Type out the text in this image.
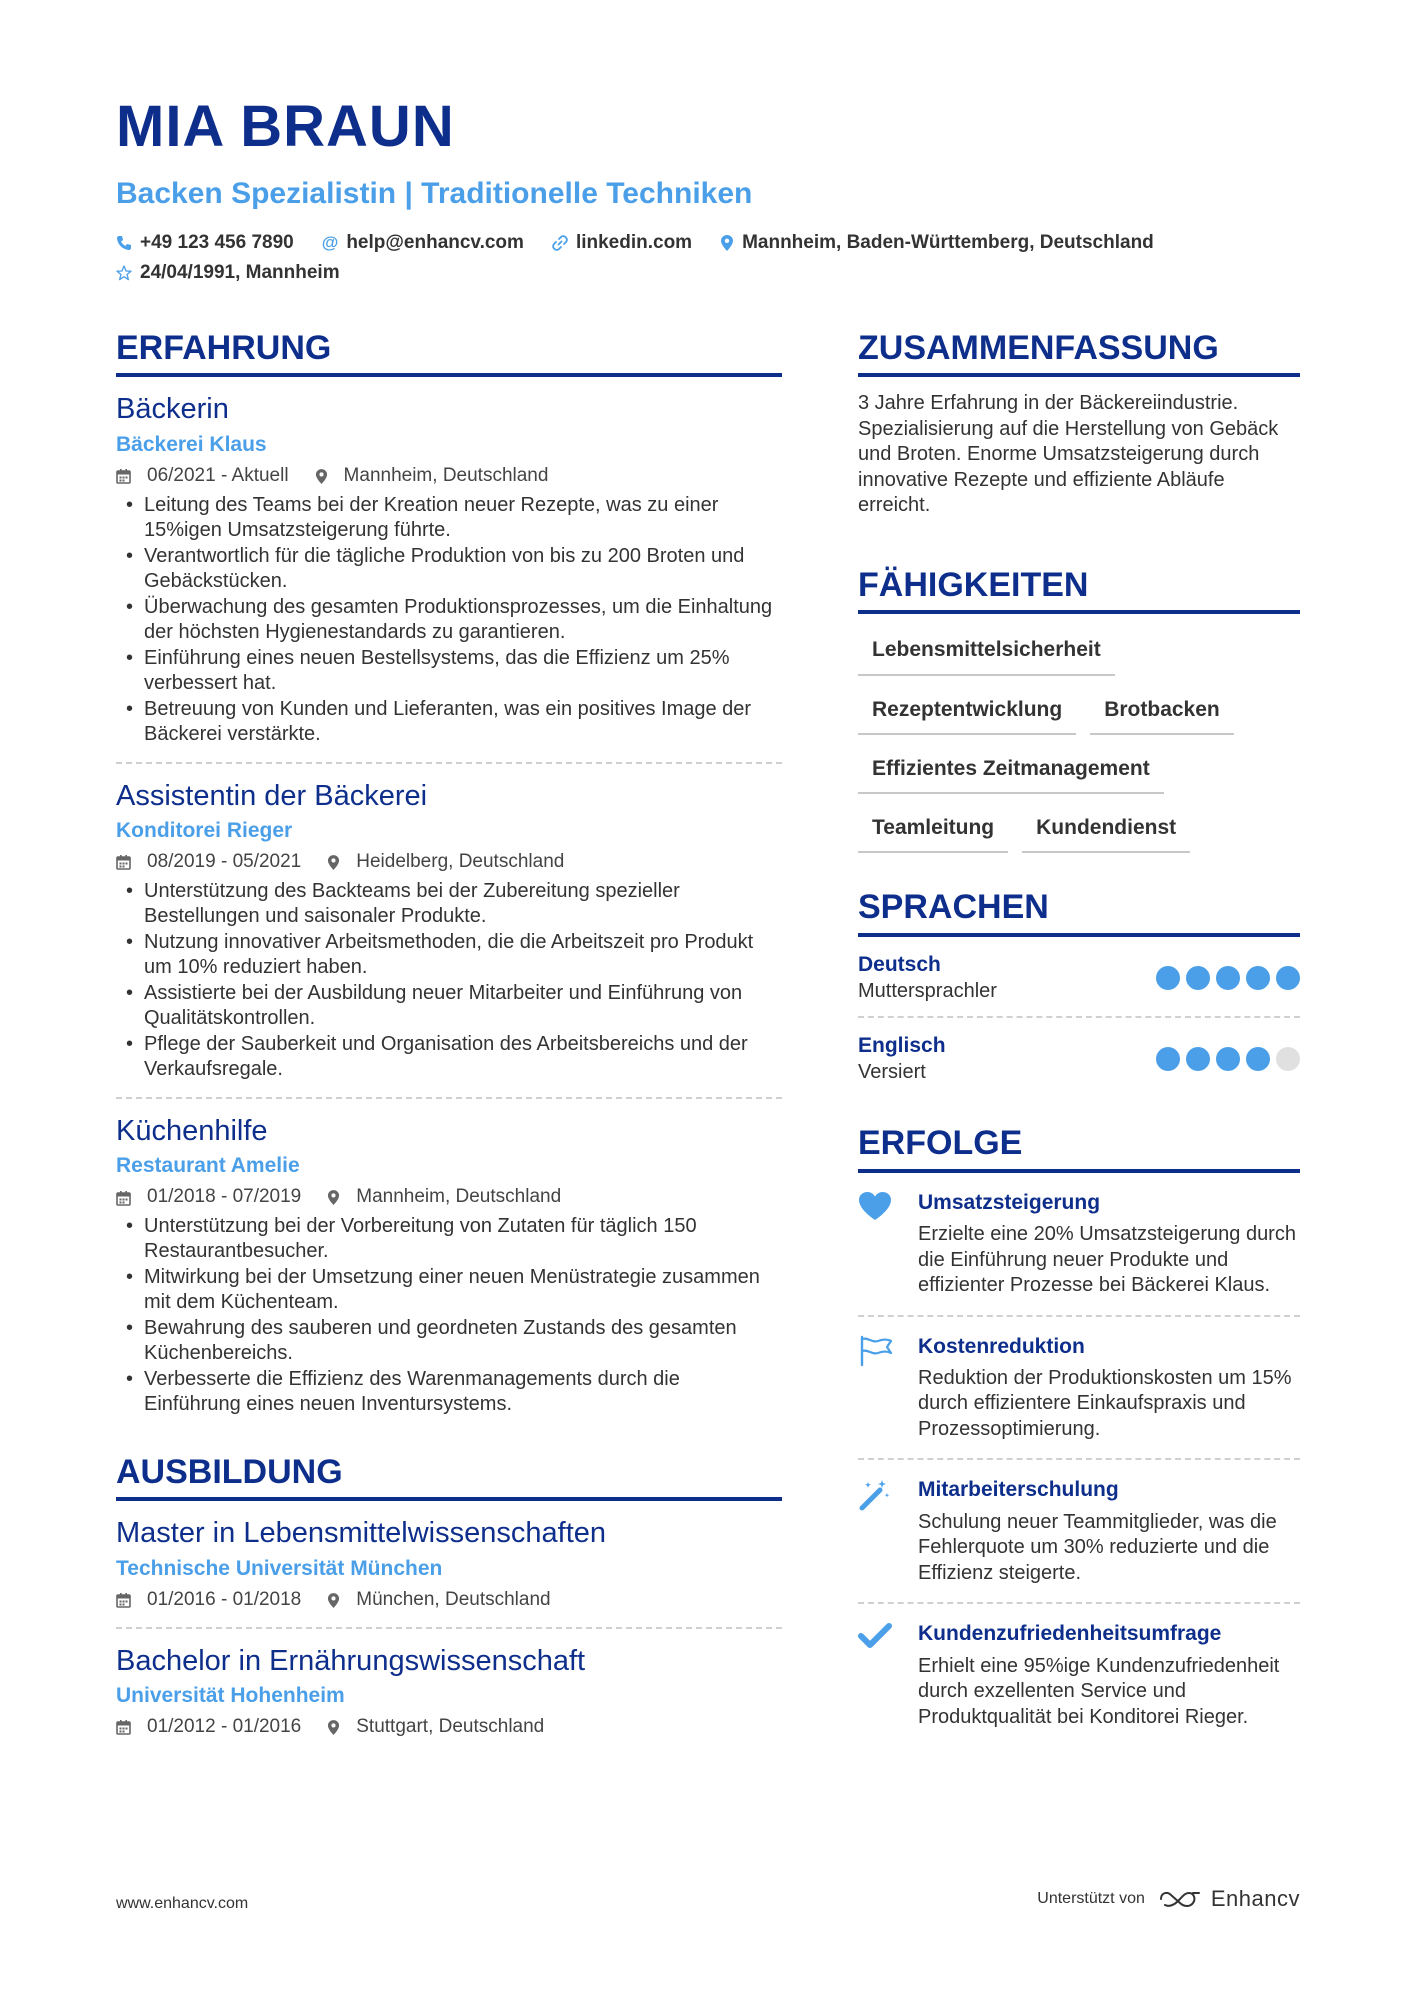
MIA BRAUN
Backen Spezialistin | Traditionelle Techniken
+49 123 456 7890 @ help@enhancv.com	linkedin.com	Mannheim, Baden-Württemberg, Deutschland
24/04/1991, Mannheim
ERFAHRUNG
Bäckerin
Bäckerei Klaus
06/2021 - Aktuell	Mannheim, Deutschland
• Leitung des Teams bei der Kreation neuer Rezepte, was zu einer 15%igen Umsatzsteigerung führte.
• Verantwortlich für die tägliche Produktion von bis zu 200 Broten und Gebäckstücken.
• Überwachung des gesamten Produktionsprozesses, um die Einhaltung der höchsten Hygienestandards zu garantieren.
• Einführung eines neuen Bestellsystems, das die Effizienz um 25% verbessert hat.
• Betreuung von Kunden und Lieferanten, was ein positives Image der Bäckerei verstärkte.
Assistentin der Bäckerei
Konditorei Rieger
08/2019 - 05/2021	Heidelberg, Deutschland
• Unterstützung des Backteams bei der Zubereitung spezieller Bestellungen und saisonaler Produkte.
• Nutzung innovativer Arbeitsmethoden, die die Arbeitszeit pro Produkt um 10% reduziert haben.
• Assistierte bei der Ausbildung neuer Mitarbeiter und Einführung von Qualitätskontrollen.
• Pflege der Sauberkeit und Organisation des Arbeitsbereichs und der Verkaufsregale.
Küchenhilfe
Restaurant Amelie
01/2018 - 07/2019	Mannheim, Deutschland
• Unterstützung bei der Vorbereitung von Zutaten für täglich 150 Restaurantbesucher.
• Mitwirkung bei der Umsetzung einer neuen Menüstrategie zusammen mit dem Küchenteam.
• Bewahrung des sauberen und geordneten Zustands des gesamten Küchenbereichs.
• Verbesserte die Effizienz des Warenmanagements durch die Einführung eines neuen Inventursystems.
AUSBILDUNG
Master in Lebensmittelwissenschaften
Technische Universität München
01/2016 - 01/2018	München, Deutschland
Bachelor in Ernährungswissenschaft
Universität Hohenheim
01/2012 - 01/2016	Stuttgart, Deutschland
ZUSAMMENFASSUNG
3 Jahre Erfahrung in der Bäckereiindustrie. Spezialisierung auf die Herstellung von Gebäck und Broten. Enorme Umsatzsteigerung durch innovative Rezepte und effiziente Abläufe erreicht.
FÄHIGKEITEN
Lebensmittelsicherheit
Rezeptentwicklung	Brotbacken
Effizientes Zeitmanagement
Teamleitung	Kundendienst
SPRACHEN
Deutsch
Muttersprachler
Englisch
Versiert
ERFOLGE
Umsatzsteigerung
Erzielte eine 20% Umsatzsteigerung durch die Einführung neuer Produkte und effizienter Prozesse bei Bäckerei Klaus.
Kostenreduktion
Reduktion der Produktionskosten um 15% durch effizientere Einkaufspraxis und Prozessoptimierung.
Mitarbeiterschulung
Schulung neuer Teammitglieder, was die Fehlerquote um 30% reduzierte und die Effizienz steigerte.
Kundenzufriedenheitsumfrage
Erhielt eine 95%ige Kundenzufriedenheit durch exzellenten Service und Produktqualität bei Konditorei Rieger.
www.enhancv.com	Unterstützt von	Enhancv
